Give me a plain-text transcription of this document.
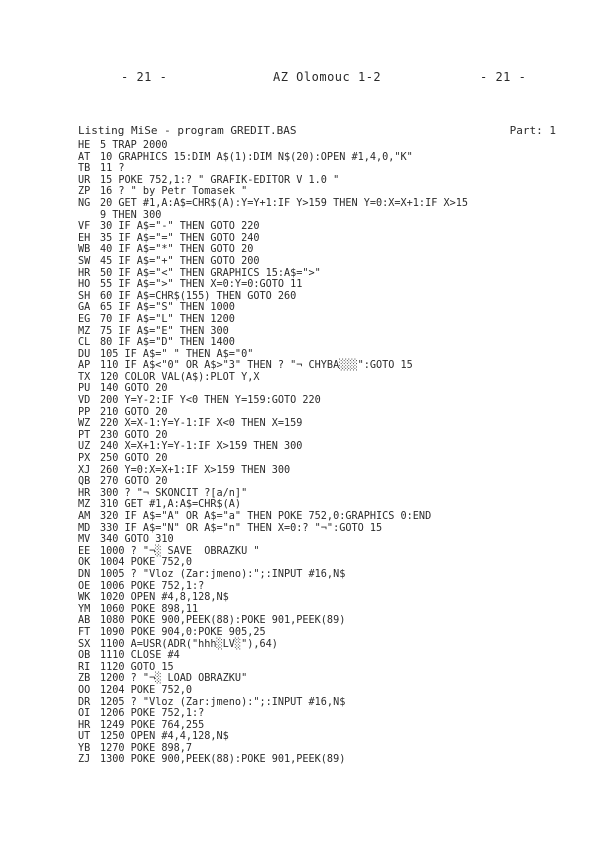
- 21 -	AZ Olomouc 1-2	- 21 -
Listing MiSe - program GREDIT.BAS	Part: 1
HE 5 TRAP 2000
AT 10 GRAPHICS 15:DIM A$(1):DIM N$(20):OPEN #1,4,0,"K"
TB 11 ?
UR 15 POKE 752,1:? " GRAFIK-EDITOR V 1.0 "
ZP 16 ? " by Petr Tomasek "
NG 20 GET #1,A:A$=CHR$(A):Y=Y+1:IF Y>159 THEN Y=0:X=X+1:IF X>15
9 THEN 300
VF 30 IF A$="-" THEN GOTO 220
EH 35 IF A$="=" THEN GOTO 240
WB 40 IF A$="*" THEN GOTO 20
SW 45 IF A$="+" THEN GOTO 200
HR 50 IF A$="<" THEN GRAPHICS 15:A$=">"
HO 55 IF A$=">" THEN X=0:Y=0:GOTO 11
SH 60 IF A$=CHR$(155) THEN GOTO 260
GA 65 IF A$="S" THEN 1000
EG 70 IF A$="L" THEN 1200
MZ 75 IF A$="E" THEN 300
CL 80 IF A$="D" THEN 1400
DU 105 IF A$=" " THEN A$="0"
AP 110 IF A$<"0" OR A$>"3" THEN ? "¬ CHYBA░░░":GOTO 15
TX 120 COLOR VAL(A$):PLOT Y,X
PU 140 GOTO 20
VD 200 Y=Y-2:IF Y<0 THEN Y=159:GOTO 220
PP 210 GOTO 20
WZ 220 X=X-1:Y=Y-1:IF X<0 THEN X=159
PT 230 GOTO 20
UZ 240 X=X+1:Y=Y-1:IF X>159 THEN 300
PX 250 GOTO 20
XJ 260 Y=0:X=X+1:IF X>159 THEN 300
QB 270 GOTO 20
HR 300 ? "¬ SKONCIT ?[a/n]"
MZ 310 GET #1,A:A$=CHR$(A)
AM 320 IF A$="A" OR A$="a" THEN POKE 752,0:GRAPHICS 0:END
MD 330 IF A$="N" OR A$="n" THEN X=0:? "¬":GOTO 15
MV 340 GOTO 310
EE 1000 ? "¬░ SAVE  OBRAZKU "
OK 1004 POKE 752,0
DN 1005 ? "Vloz (Zar:jmeno):";:INPUT #16,N$
OE 1006 POKE 752,1:?
WK 1020 OPEN #4,8,128,N$
YM 1060 POKE 898,11
AB 1080 POKE 900,PEEK(88):POKE 901,PEEK(89)
FT 1090 POKE 904,0:POKE 905,25
SX 1100 A=USR(ADR("hhh░LV░"),64)
OB 1110 CLOSE #4
RI 1120 GOTO 15
ZB 1200 ? "¬░ LOAD OBRAZKU"
OO 1204 POKE 752,0
DR 1205 ? "Vloz (Zar:jmeno):";:INPUT #16,N$
OI 1206 POKE 752,1:?
HR 1249 POKE 764,255
UT 1250 OPEN #4,4,128,N$
YB 1270 POKE 898,7
ZJ 1300 POKE 900,PEEK(88):POKE 901,PEEK(89)
